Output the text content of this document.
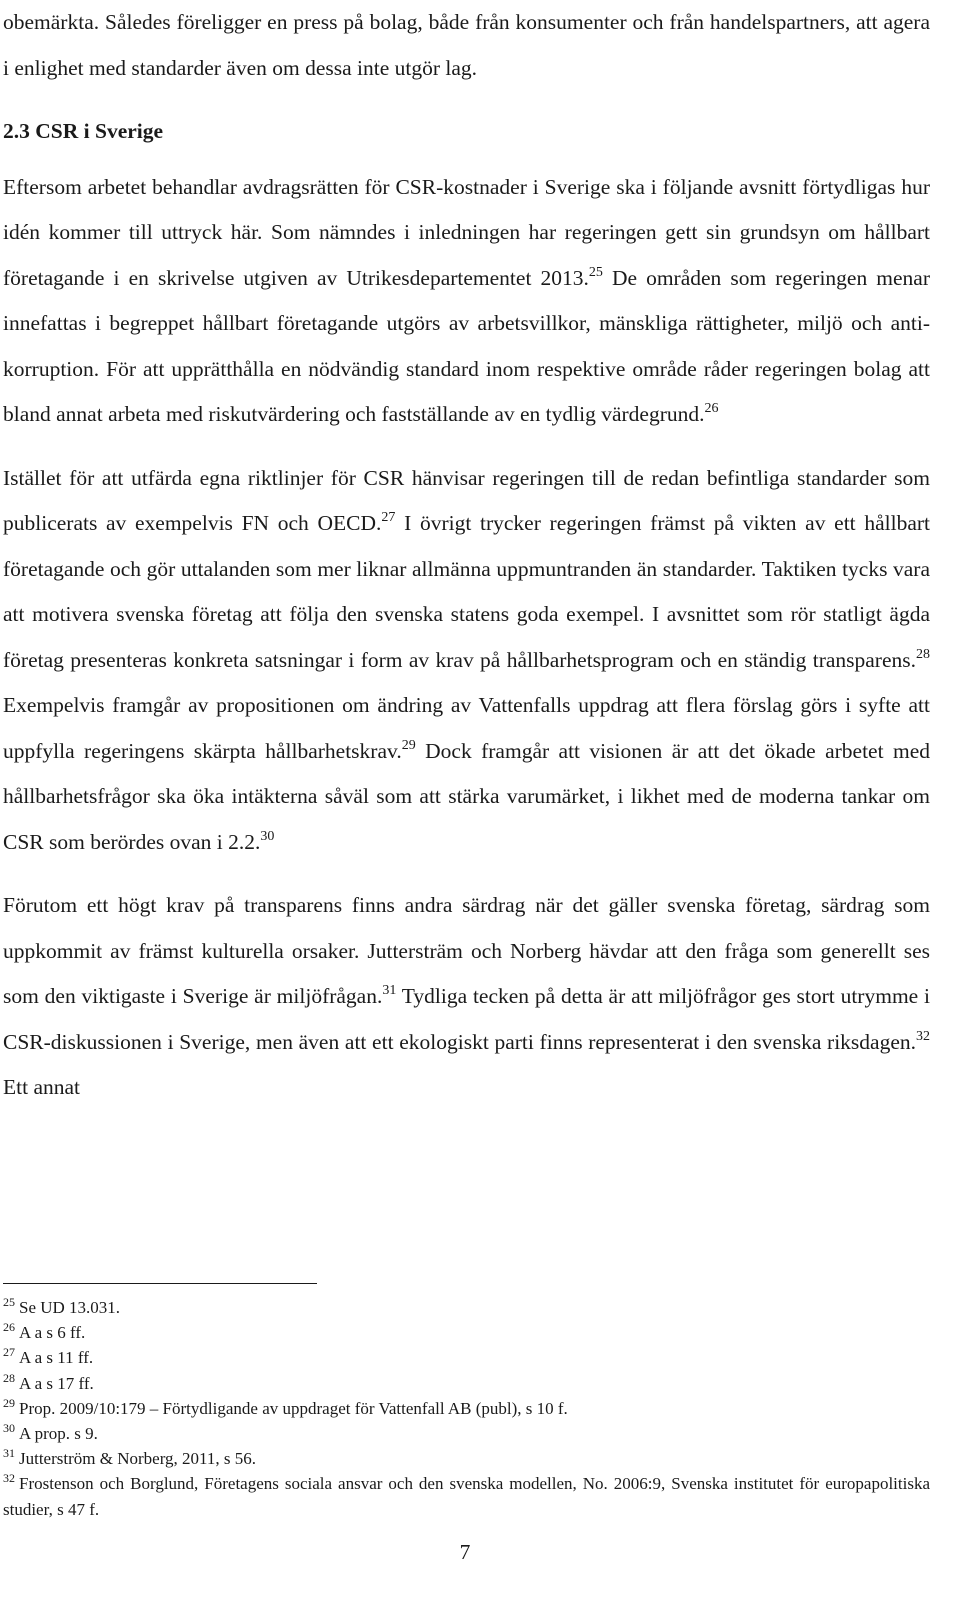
obemärkta. Således föreligger en press på bolag, både från konsumenter och från handelspartners, att agera i enlighet med standarder även om dessa inte utgör lag.

2.3 CSR i Sverige

Eftersom arbetet behandlar avdragsrätten för CSR-kostnader i Sverige ska i följande avsnitt förtydligas hur idén kommer till uttryck här. Som nämndes i inledningen har regeringen gett sin grundsyn om hållbart företagande i en skrivelse utgiven av Utrikesdepartementet 2013.25 De områden som regeringen menar innefattas i begreppet hållbart företagande utgörs av arbetsvillkor, mänskliga rättigheter, miljö och anti-korruption. För att upprätthålla en nödvändig standard inom respektive område råder regeringen bolag att bland annat arbeta med riskutvärdering och fastställande av en tydlig värdegrund.$^{26}$

Istället för att utfärda egna riktlinjer för CSR hänvisar regeringen till de redan befintliga standarder som publicerats av exempelvis FN och OECD.$^{27}$ I övrigt trycker regeringen främst på vikten av ett hållbart företagande och gör uttalanden som mer liknar allmänna uppmuntranden än standarder. Taktiken tycks vara att motivera svenska företag att följa den svenska statens goda exempel. I avsnittet som rör statligt ägda företag presenteras konkreta satsningar i form av krav på hållbarhetsprogram och en ständig transparens.$^{28}$ Exempelvis framgår av propositionen om ändring av Vattenfalls uppdrag att flera förslag görs i syfte att uppfylla regeringens skärpta hållbarhetskrav.$^{29}$ Dock framgår att visionen är att det ökade arbetet med hållbarhetsfrågor ska öka intäkterna såväl som att stärka varumärket, i likhet med de moderna tankar om CSR som berördes ovan i 2.2.30

Förutom ett högt krav på transparens finns andra särdrag när det gäller svenska företag, särdrag som uppkommit av främst kulturella orsaker. Juttersträm och Norberg hävdar att den fråga som generellt ses som den viktigaste i Sverige är miljöfrågan.$^{31}$ Tydliga tecken på detta är att miljöfrågor ges stort utrymme i CSR-diskussionen i Sverige, men även att ett ekologiskt parti finns representerat i den svenska riksdagen.$^{32}$ Ett annat

$^{25}$ Se UD 13.031.

$^{26}$ A a s 6 ff.

$^{27}$ A a s 11 ff.

$^{28}$ A a s 17 ff.

$^{29}$ Prop. 2009/10:179 – Förtydligande av uppdraget för Vattenfall AB (publ), s 10 f.

$^{30}$ A prop. s 9.

$^{31}$ Jutterström & Norberg, 2011, s 56.

$^{32}$ Frostenson och Borglund, Företagens sociala ansvar och den svenska modellen, No. 2006:9, Svenska institutet för europapolitiska studier, s 47 f.

7
